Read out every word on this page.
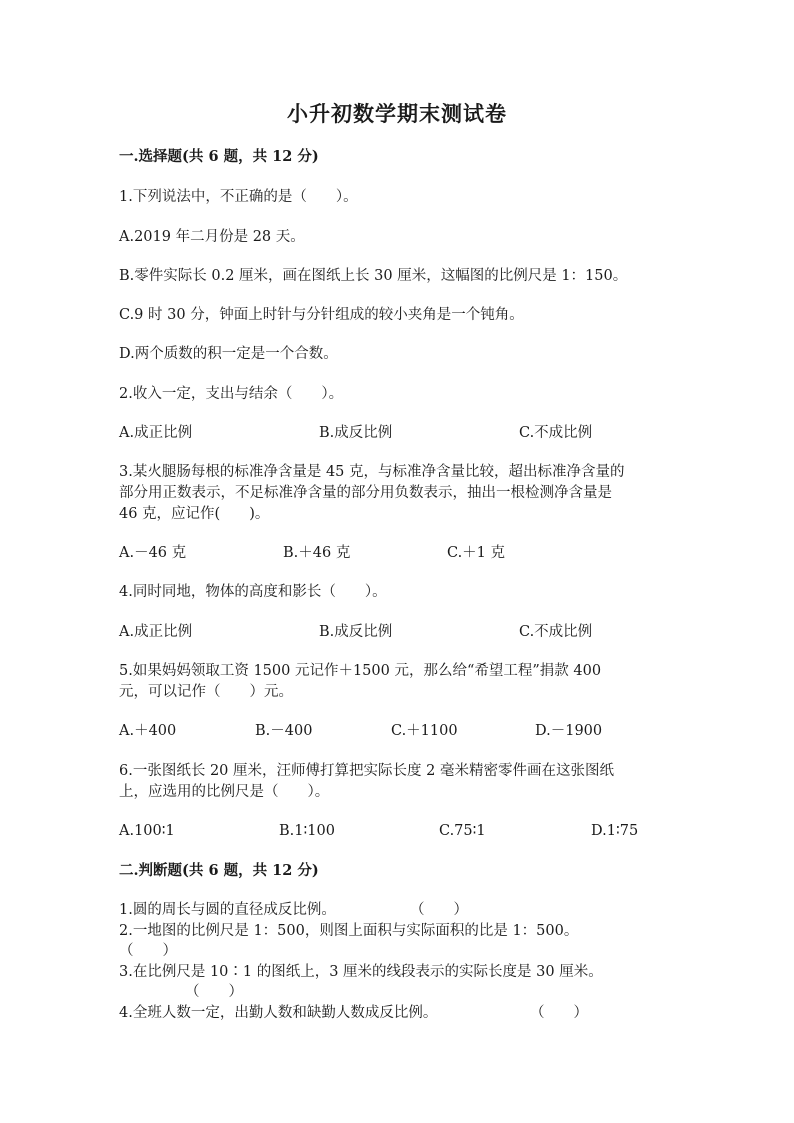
小升初数学期末测试卷
一.选择题(共 6 题，共 12 分)
1.下列说法中，不正确的是（　　）。
A.2019 年二月份是 28 天。
B.零件实际长 0.2 厘米，画在图纸上长 30 厘米，这幅图的比例尺是 1：150。
C.9 时 30 分，钟面上时针与分针组成的较小夹角是一个钝角。
D.两个质数的积一定是一个合数。
2.收入一定，支出与结余（　　）。
A.成正比例	B.成反比例	C.不成比例
3.某火腿肠每根的标准净含量是 45 克，与标准净含量比较，超出标准净含量的
部分用正数表示，不足标准净含量的部分用负数表示，抽出一根检测净含量是
46 克，应记作(　　)。
A.－46 克	B.＋46 克	C.＋1 克
4.同时同地，物体的高度和影长（　　）。
A.成正比例	B.成反比例	C.不成比例
5.如果妈妈领取工资 1500 元记作＋1500 元，那么给“希望工程”捐款 400
元，可以记作（　　）元。
A.＋400	B.－400	C.＋1100	D.－1900
6.一张图纸长 20 厘米，汪师傅打算把实际长度 2 毫米精密零件画在这张图纸
上，应选用的比例尺是（　　）。
A.100∶1	B.1∶100	C.75∶1	D.1∶75
二.判断题(共 6 题，共 12 分)
1.圆的周长与圆的直径成反比例。	（　　）
2.一地图的比例尺是 1：500，则图上面积与实际面积的比是 1：500。
（　　）
3.在比例尺是 10∶1 的图纸上，3 厘米的线段表示的实际长度是 30 厘米。
（　　）
4.全班人数一定，出勤人数和缺勤人数成反比例。	（　　）
